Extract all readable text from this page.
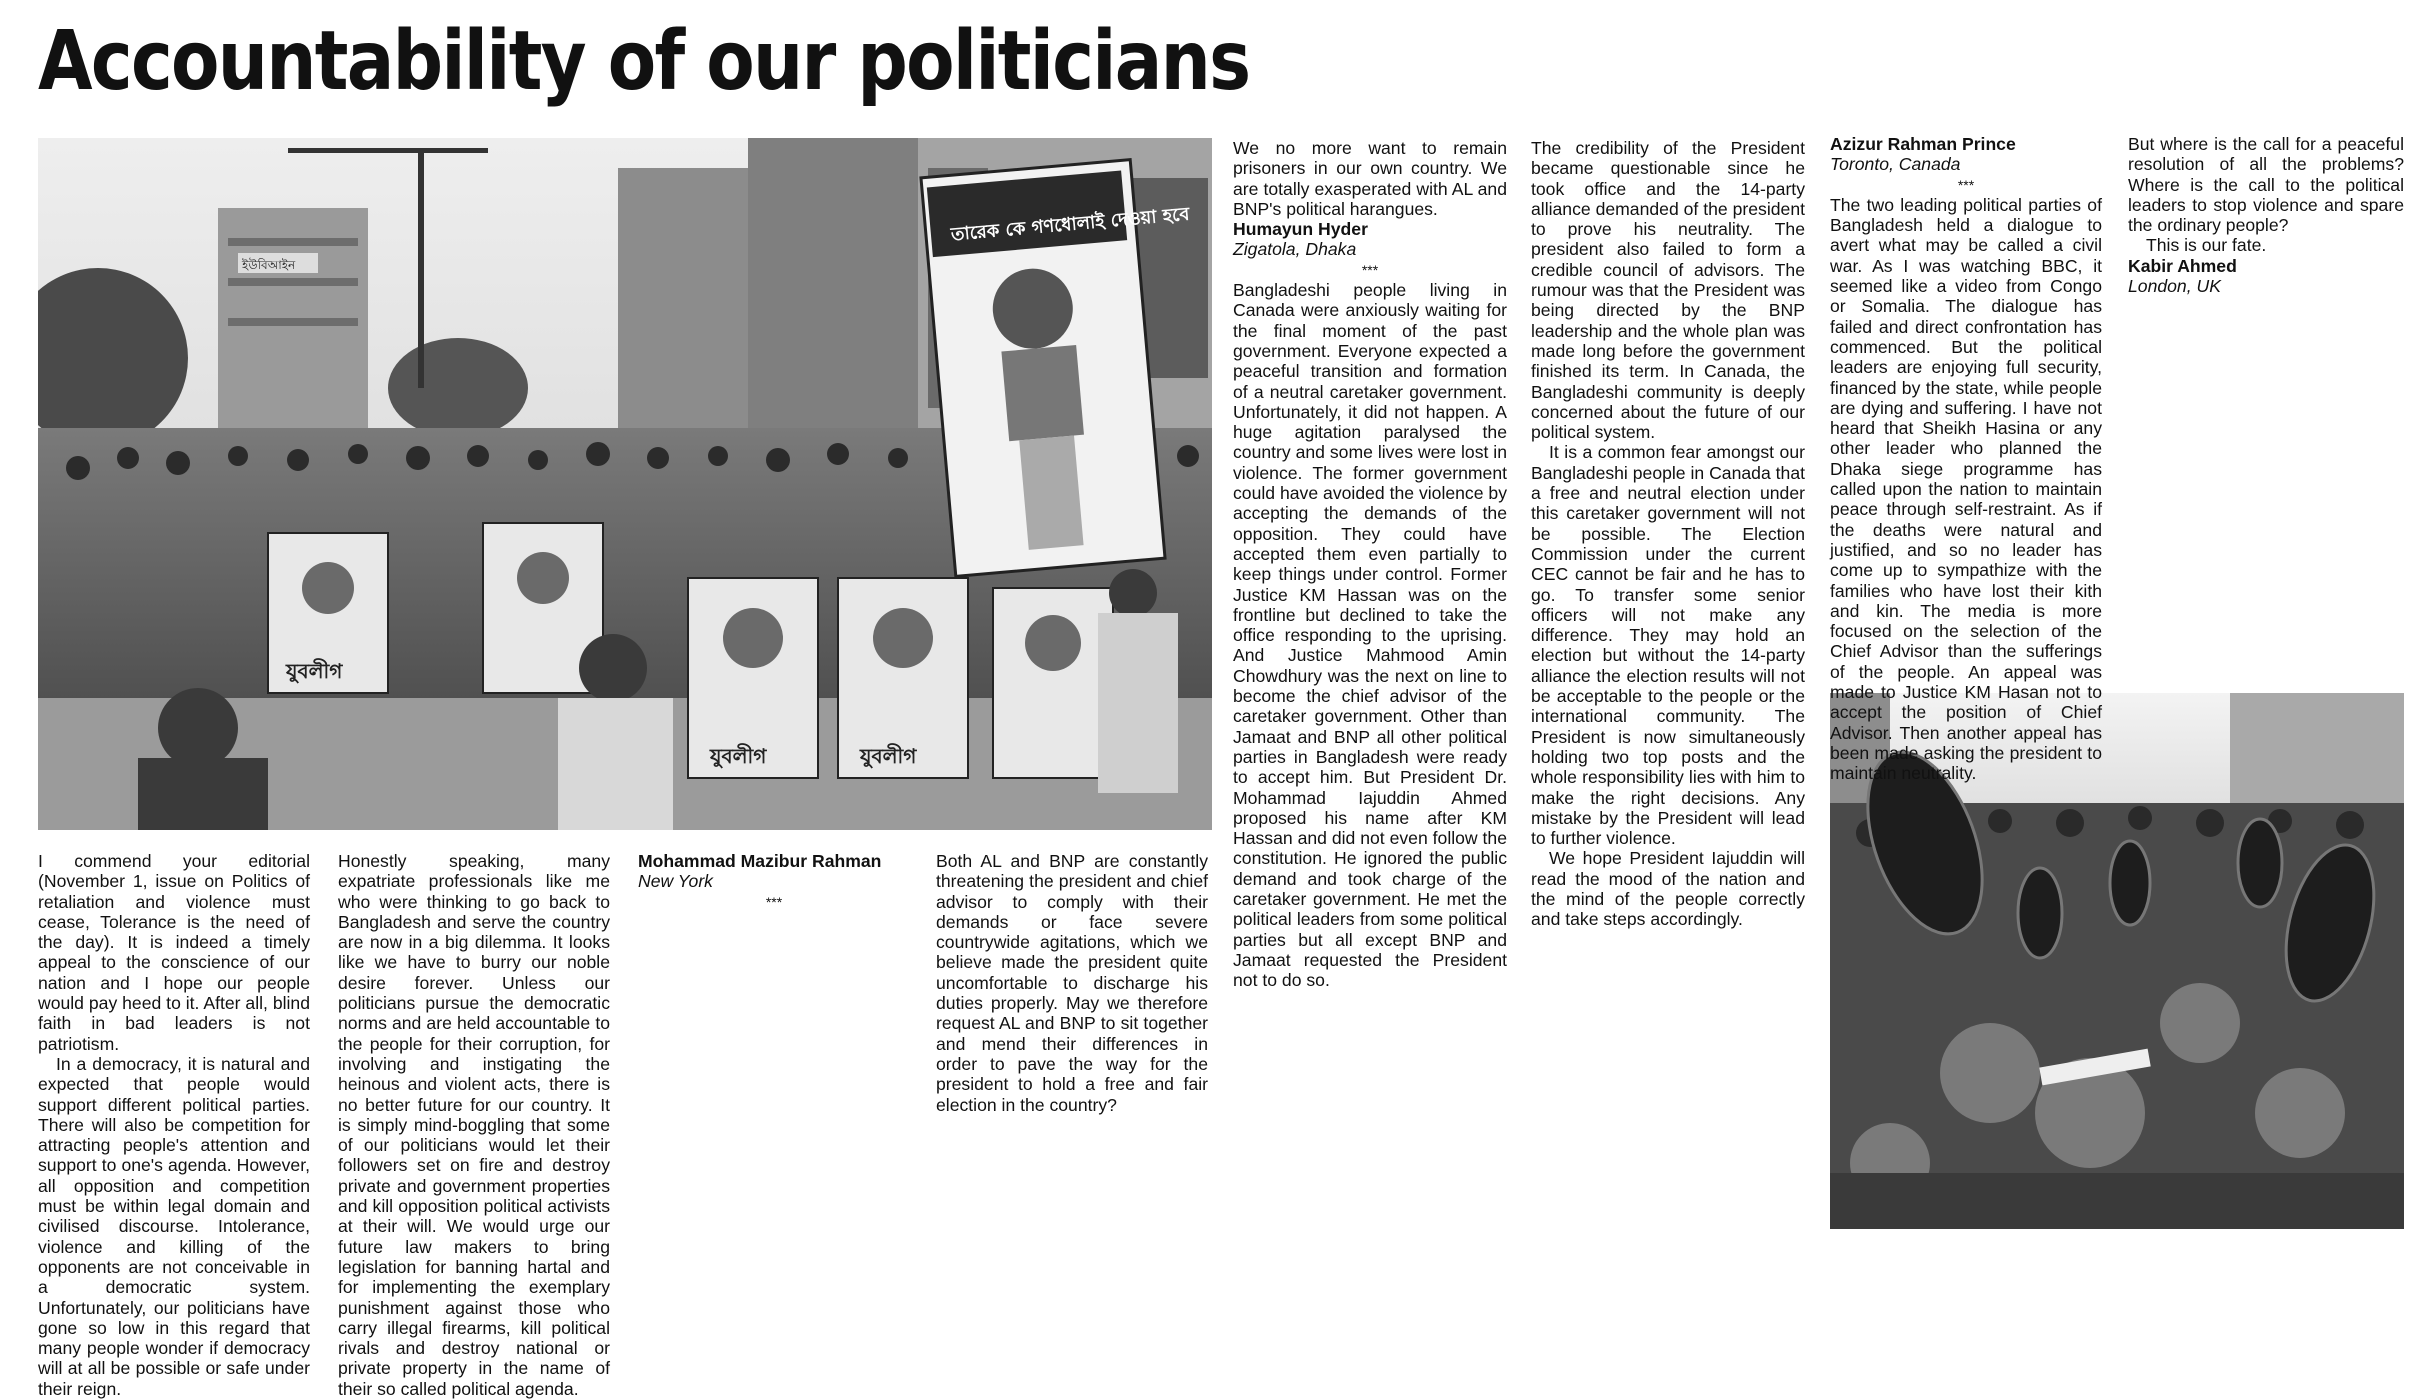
Accountability of our politicians
যুবলীগ
যুবলীগ	যুবলীগ
তারেক কে গণধোলাই দেওয়া হবে
ইউবিআইন

I commend your editorial (November 1, issue on Politics of retaliation and violence must cease, Tolerance is the need of the day). It is indeed a timely appeal to the conscience of our nation and I hope our people would pay heed to it. After all, blind faith in bad leaders is not patriotism.

In a democracy, it is natural and expected that people would support different political parties. There will also be competition for attracting people's attention and support to one's agenda. However, all opposition and competition must be within legal domain and civilised discourse. Intolerance, violence and killing of the opponents are not conceivable in a democratic system. Unfortunately, our politicians have gone so low in this regard that many people wonder if democracy will at all be possible or safe under their reign.

Honestly speaking, many expatriate professionals like me who were thinking to go back to Bangladesh and serve the country are now in a big dilemma. It looks like we have to burry our noble desire forever. Unless our politicians pursue the democratic norms and are held accountable to the people for their corruption, for involving and instigating the heinous and violent acts, there is no better future for our country. It is simply mind-boggling that some of our politicians would let their followers set on fire and destroy private and government properties and kill opposition political activists at their will. We would urge our future law makers to bring legislation for banning hartal and for implementing the exemplary punishment against those who carry illegal firearms, kill political rivals and destroy national or private property in the name of their so called political agenda.

Mohammad Mazibur Rahman

New York

***

Both AL and BNP are constantly threatening the president and chief advisor to comply with their demands or face severe countrywide agitations, which we believe made the president quite uncomfortable to discharge his duties properly. May we therefore request AL and BNP to sit together and mend their differences in order to pave the way for the president to hold a free and fair election in the country?

We no more want to remain prisoners in our own country. We are totally exasperated with AL and BNP's political harangues.

Humayun Hyder

Zigatola, Dhaka

***

Bangladeshi people living in Canada were anxiously waiting for the final moment of the past government. Everyone expected a peaceful transition and formation of a neutral caretaker government. Unfortunately, it did not happen. A huge agitation paralysed the country and some lives were lost in violence. The former government could have avoided the violence by accepting the demands of the opposition. They could have accepted them even partially to keep things under control. Former Justice KM Hassan was on the frontline but declined to take the office responding to the uprising. And Justice Mahmood Amin Chowdhury was the next on line to become the chief advisor of the caretaker government. Other than Jamaat and BNP all other political parties in Bangladesh were ready to accept him. But President Dr. Mohammad Iajuddin Ahmed proposed his name after KM Hassan and did not even follow the constitution. He ignored the public demand and took charge of the caretaker government. He met the political leaders from some political parties but all except BNP and Jamaat requested the President not to do so.

The credibility of the President became questionable since he took office and the 14-party alliance demanded of the president to prove his neutrality. The president also failed to form a credible council of advisors. The rumour was that the President was being directed by the BNP leadership and the whole plan was made long before the government finished its term. In Canada, the Bangladeshi community is deeply concerned about the future of our political system.

It is a common fear amongst our Bangladeshi people in Canada that a free and neutral election under this caretaker government will not be possible. The Election Commission under the current CEC cannot be fair and he has to go. To transfer some senior officers will not make any difference. They may hold an election but without the 14-party alliance the election results will not be acceptable to the people or the international community. The President is now simultaneously holding two top posts and the whole responsibility lies with him to make the right decisions. Any mistake by the President will lead to further violence.

We hope President Iajuddin will read the mood of the nation and the mind of the people correctly and take steps accordingly.

Azizur Rahman Prince

Toronto, Canada

***

The two leading political parties of Bangladesh held a dialogue to avert what may be called a civil war. As I was watching BBC, it seemed like a video from Congo or Somalia. The dialogue has failed and direct confrontation has commenced. But the political leaders are enjoying full security, financed by the state, while people are dying and suffering. I have not heard that Sheikh Hasina or any other leader who planned the Dhaka siege programme has called upon the nation to maintain peace through self-restraint. As if the deaths were natural and justified, and so no leader has come up to sympathize with the families who have lost their kith and kin. The media is more focused on the selection of the Chief Advisor than the sufferings of the people. An appeal was made to Justice KM Hasan not to accept the position of Chief Advisor. Then another appeal has been made asking the president to maintain neutrality.

But where is the call for a peaceful resolution of all the problems? Where is the call to the political leaders to stop violence and spare the ordinary people?

This is our fate.

Kabir Ahmed

London, UK
